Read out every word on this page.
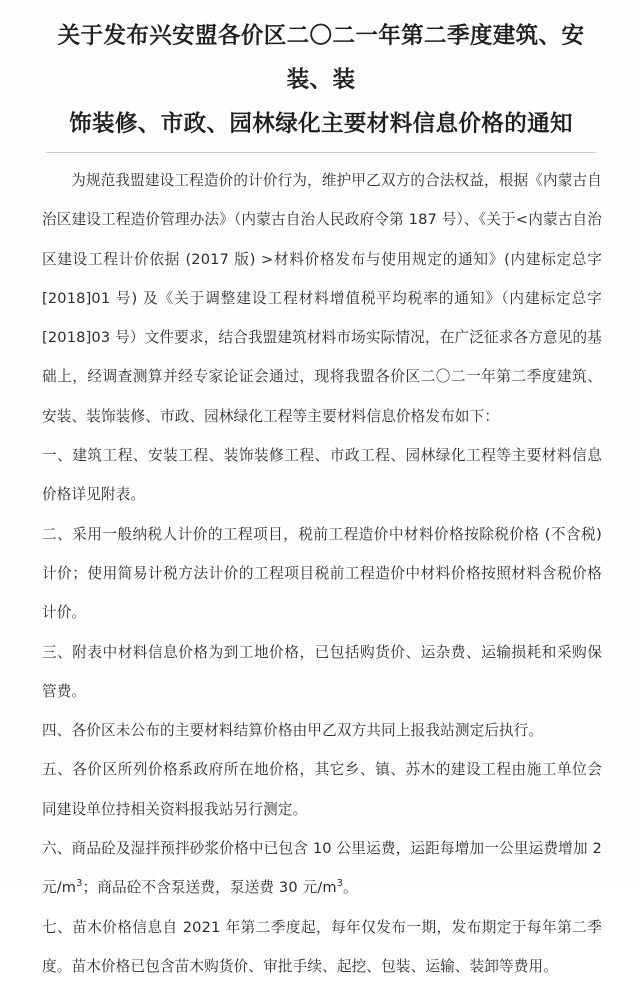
关于发布兴安盟各价区二〇二一年第二季度建筑、安装、装
饰装修、市政、园林绿化主要材料信息价格的通知

为规范我盟建设工程造价的计价行为，维护甲乙双方的合法权益，根据《内蒙古自治区建设工程造价管理办法》（内蒙古自治人民政府令第 187 号）、《关于<内蒙古自治区建设工程计价依据 (2017 版) >材料价格发布与使用规定的通知》(内建标定总字[2018]01 号) 及《关于调整建设工程材料增值税平均税率的通知》（内建标定总字[2018]03 号）文件要求，结合我盟建筑材料市场实际情况，在广泛征求各方意见的基础上，经调查测算并经专家论证会通过，现将我盟各价区二〇二一年第二季度建筑、安装、装饰装修、市政、园林绿化工程等主要材料信息价格发布如下：

一、建筑工程、安装工程、装饰装修工程、市政工程、园林绿化工程等主要材料信息价格详见附表。

二、采用一般纳税人计价的工程项目，税前工程造价中材料价格按除税价格 (不含税) 计价；使用简易计税方法计价的工程项目税前工程造价中材料价格按照材料含税价格计价。

三、附表中材料信息价格为到工地价格，已包括购货价、运杂费、运输损耗和采购保管费。

四、各价区未公布的主要材料结算价格由甲乙双方共同上报我站测定后执行。

五、各价区所列价格系政府所在地价格，其它乡、镇、苏木的建设工程由施工单位会同建设单位持相关资料报我站另行测定。

六、商品砼及湿拌预拌砂浆价格中已包含 10 公里运费，运距每增加一公里运费增加 2 元$/m^3$；商品砼不含泵送费，泵送费 30 元$/m^3$。

七、苗木价格信息自 2021 年第二季度起，每年仅发布一期，发布期定于每年第二季度。苗木价格已包含苗木购货价、审批手续、起挖、包装、运输、装卸等费用。
